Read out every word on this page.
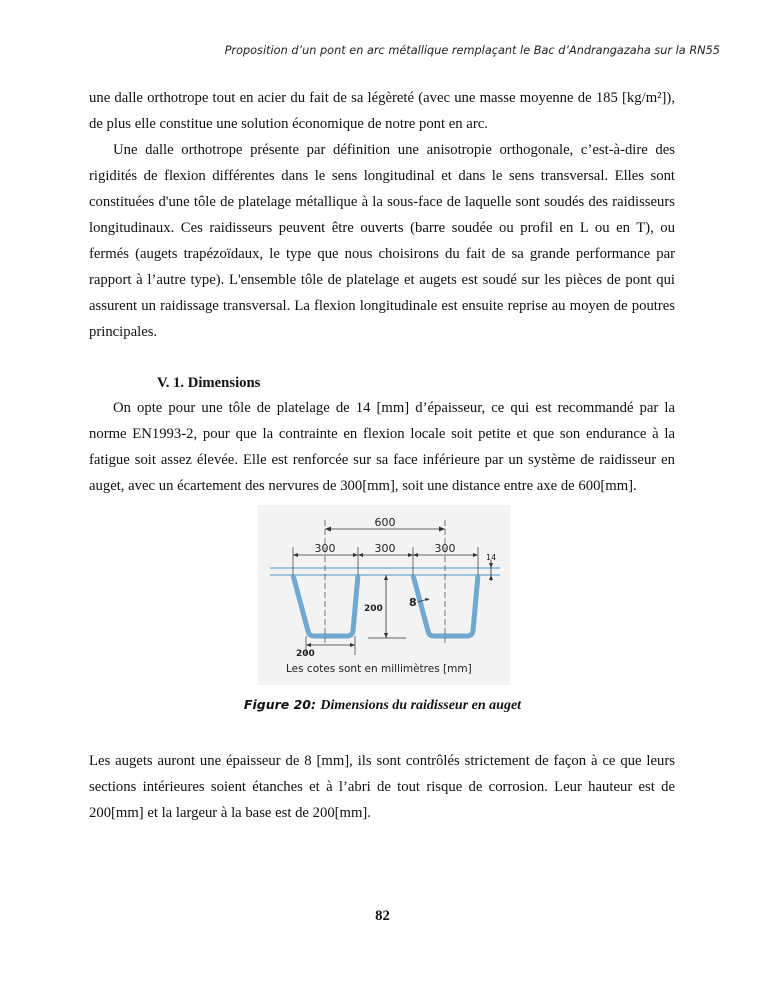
Proposition d’un pont en arc métallique remplaçant le Bac d’Andrangazaha sur la RN55

une dalle orthotrope tout en acier du fait de sa légèreté (avec une masse moyenne de 185 [kg/m²]), de plus elle constitue une solution économique de notre pont en arc.

Une dalle orthotrope présente par définition une anisotropie orthogonale, c’est-à-dire des rigidités de flexion différentes dans le sens longitudinal et dans le sens transversal. Elles sont constituées d'une tôle de platelage métallique à la sous-face de laquelle sont soudés des raidisseurs longitudinaux. Ces raidisseurs peuvent être ouverts (barre soudée ou profil en L ou en T), ou fermés (augets trapézoïdaux, le type que nous choisirons du fait de sa grande performance par rapport à l’autre type). L'ensemble tôle de platelage et augets est soudé sur les pièces de pont qui assurent un raidissage transversal. La flexion longitudinale est ensuite reprise au moyen de poutres principales.

V. 1. Dimensions

On opte pour une tôle de platelage de 14 [mm] d’épaisseur, ce qui est recommandé par la norme EN1993-2, pour que la contrainte en flexion locale soit petite et que son endurance à la fatigue soit assez élevée. Elle est renforcée sur sa face inférieure par un système de raidisseur en auget, avec un écartement des nervures de 300[mm], soit une distance entre axe de 600[mm].

600
300	300	300
14
200 8
200
Les cotes sont en millimètres [mm]
Figure 20: Dimensions du raidisseur en auget

Les augets auront une épaisseur de 8 [mm], ils sont contrôlés strictement de façon à ce que leurs sections intérieures soient étanches et à l’abri de tout risque de corrosion. Leur hauteur est de 200[mm] et la largeur à la base est de 200[mm].

82
